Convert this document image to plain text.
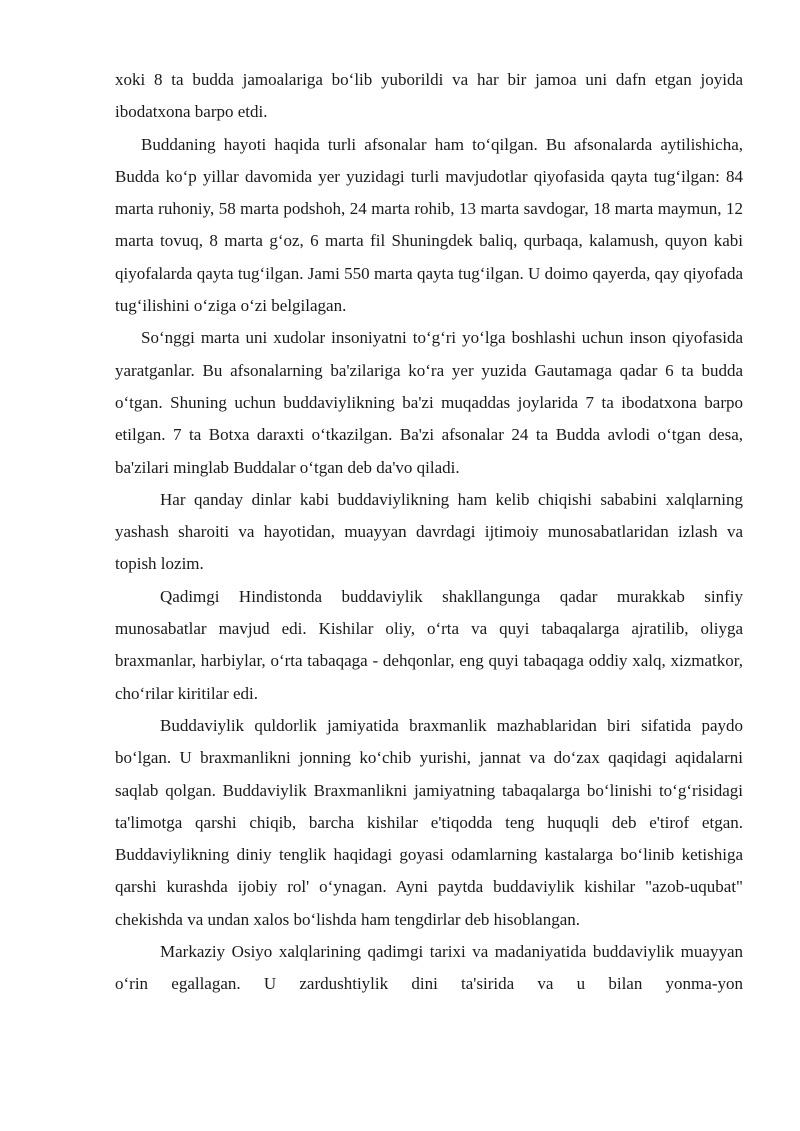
xoki 8 ta budda jamoalariga bo‘lib yuborildi va har bir jamoa uni dafn etgan joyida ibodatxona barpo etdi.

Buddaning hayoti haqida turli afsonalar ham to‘qilgan. Bu afsonalarda aytilishicha, Budda ko‘p yillar davomida yer yuzidagi turli mavjudotlar qiyofasida qayta tug‘ilgan: 84 marta ruhoniy, 58 marta podshoh, 24 marta rohib, 13 marta savdogar, 18 marta maymun, 12 marta tovuq, 8 marta g‘oz, 6 marta fil Shuningdek baliq, qurbaqa, kalamush, quyon kabi qiyofalarda qayta tug‘ilgan. Jami 550 marta qayta tug‘ilgan. U doimo qayerda, qay qiyofada tug‘ilishini o‘ziga o‘zi belgilagan.

So‘nggi marta uni xudolar insoniyatni to‘g‘ri yo‘lga boshlashi uchun inson qiyofasida yaratganlar. Bu afsonalarning ba'zilariga ko‘ra yer yuzida Gautamaga qadar 6 ta budda o‘tgan. Shuning uchun buddaviylikning ba'zi muqaddas joylarida 7 ta ibodatxona barpo etilgan. 7 ta Botxa daraxti o‘tkazilgan. Ba'zi afsonalar 24 ta Budda avlodi o‘tgan desa, ba'zilari minglab Buddalar o‘tgan deb da'vo qiladi.

Har qanday dinlar kabi buddaviylikning ham kelib chiqishi sababini xalqlarning yashash sharoiti va hayotidan, muayyan davrdagi ijtimoiy munosabatlaridan izlash va topish lozim.

Qadimgi Hindistonda buddaviylik shakllangunga qadar murakkab sinfiy munosabatlar mavjud edi. Kishilar oliy, o‘rta va quyi tabaqalarga ajratilib, oliyga braxmanlar, harbiylar, o‘rta tabaqaga - dehqonlar, eng quyi tabaqaga oddiy xalq, xizmatkor, cho‘rilar kiritilar edi.

Buddaviylik quldorlik jamiyatida braxmanlik mazhablaridan biri sifatida paydo bo‘lgan. U braxmanlikni jonning ko‘chib yurishi, jannat va do‘zax qaqidagi aqidalarni saqlab qolgan. Buddaviylik Braxmanlikni jamiyatning tabaqalarga bo‘linishi to‘g‘risidagi ta'limotga qarshi chiqib, barcha kishilar e'tiqodda teng huquqli deb e'tirof etgan. Buddaviylikning diniy tenglik haqidagi goyasi odamlarning kastalarga bo‘linib ketishiga qarshi kurashda ijobiy rol' o‘ynagan. Ayni paytda buddaviylik kishilar "azob-uqubat" chekishda va undan xalos bo‘lishda ham tengdirlar deb hisoblangan.

Markaziy Osiyo xalqlarining qadimgi tarixi va madaniyatida buddaviylik muayyan o‘rin egallagan. U zardushtiylik dini ta'sirida va u bilan yonma-yon
